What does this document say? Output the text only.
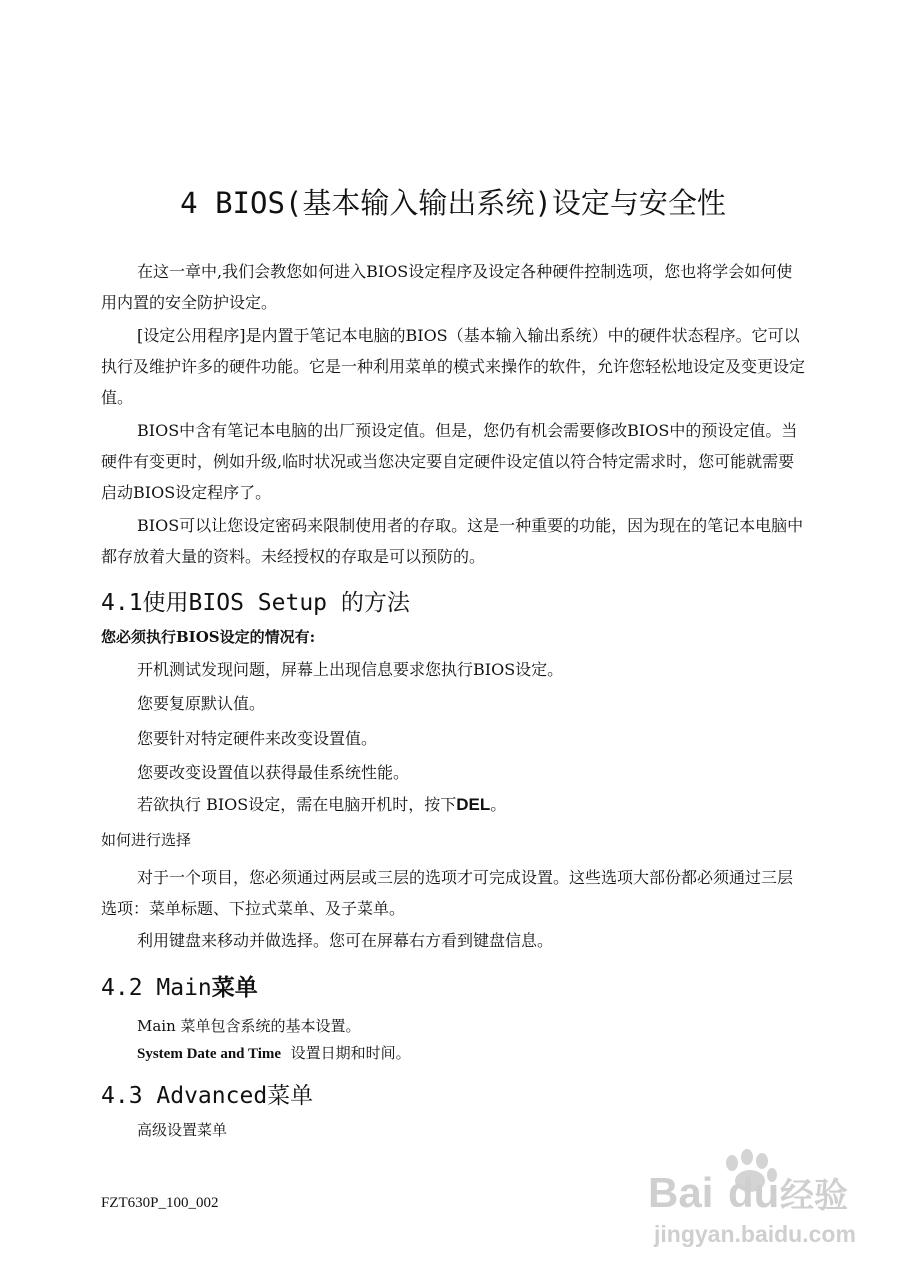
4 BIOS(基本输入输出系统)设定与安全性

在这一章中,我们会教您如何进入BIOS设定程序及设定各种硬件控制选项，您也将学会如何使用内置的安全防护设定。

[设定公用程序]是内置于笔记本电脑的BIOS（基本输入输出系统）中的硬件状态程序。它可以执行及维护许多的硬件功能。它是一种利用菜单的模式来操作的软件，允许您轻松地设定及变更设定值。

BIOS中含有笔记本电脑的出厂预设定值。但是，您仍有机会需要修改BIOS中的预设定值。当硬件有变更时，例如升级,临时状况或当您决定要自定硬件设定值以符合特定需求时，您可能就需要启动BIOS设定程序了。

BIOS可以让您设定密码来限制使用者的存取。这是一种重要的功能，因为现在的笔记本电脑中都存放着大量的资料。未经授权的存取是可以预防的。

4.1使用BIOS Setup 的方法
您必须执行BIOS设定的情况有:
开机测试发现问题，屏幕上出现信息要求您执行BIOS设定。
您要复原默认值。
您要针对特定硬件来改变设置值。
您要改变设置值以获得最佳系统性能。
若欲执行 BIOS设定，需在电脑开机时，按下DEL。
如何进行选择

对于一个项目，您必须通过两层或三层的选项才可完成设置。这些选项大部份都必须通过三层选项：菜单标题、下拉式菜单、及子菜单。

利用键盘来移动并做选择。您可在屏幕右方看到键盘信息。

4.2 Main菜单
Main 菜单包含系统的基本设置。
System Date and Time  设置日期和时间。
4.3 Advanced菜单
高级设置菜单
FZT630P_100_002	Bai du 经验
jingyan.baidu.com
